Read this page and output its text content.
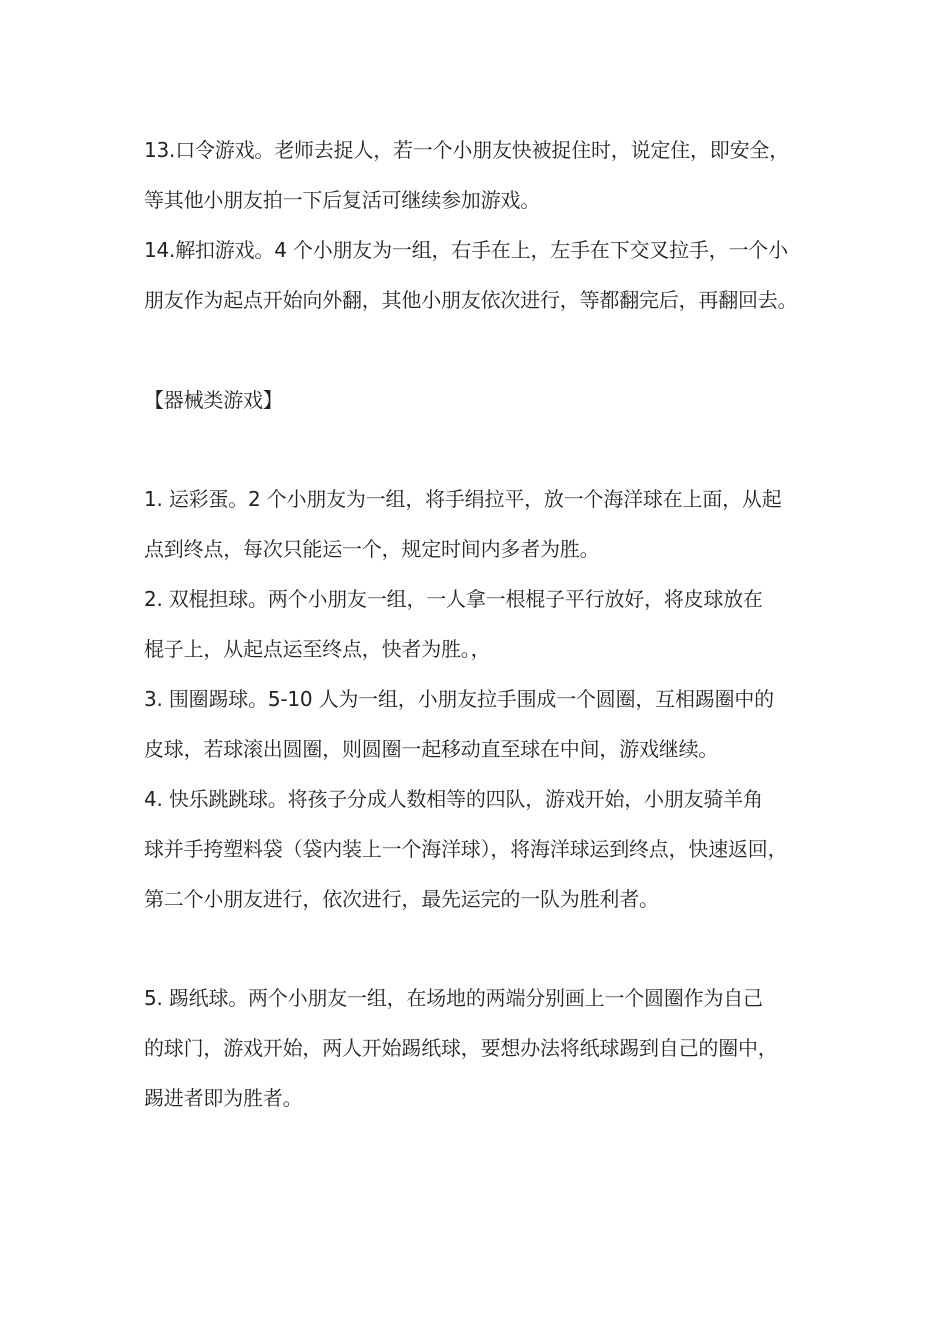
13.口令游戏。老师去捉人，若一个小朋友快被捉住时，说定住，即安全，
等其他小朋友拍一下后复活可继续参加游戏。
14.解扣游戏。4 个小朋友为一组，右手在上，左手在下交叉拉手，一个小
朋友作为起点开始向外翻，其他小朋友依次进行，等都翻完后，再翻回去。
【器械类游戏】
1. 运彩蛋。2 个小朋友为一组，将手绢拉平，放一个海洋球在上面，从起
点到终点，每次只能运一个，规定时间内多者为胜。
2. 双棍担球。两个小朋友一组，一人拿一根棍子平行放好，将皮球放在
棍子上，从起点运至终点，快者为胜。，
3. 围圈踢球。5-10 人为一组，小朋友拉手围成一个圆圈，互相踢圈中的
皮球，若球滚出圆圈，则圆圈一起移动直至球在中间，游戏继续。
4. 快乐跳跳球。将孩子分成人数相等的四队，游戏开始，小朋友骑羊角
球并手挎塑料袋（袋内装上一个海洋球），将海洋球运到终点，快速返回，
第二个小朋友进行，依次进行，最先运完的一队为胜利者。
5. 踢纸球。两个小朋友一组，在场地的两端分别画上一个圆圈作为自己
的球门，游戏开始，两人开始踢纸球，要想办法将纸球踢到自己的圈中，
踢进者即为胜者。
